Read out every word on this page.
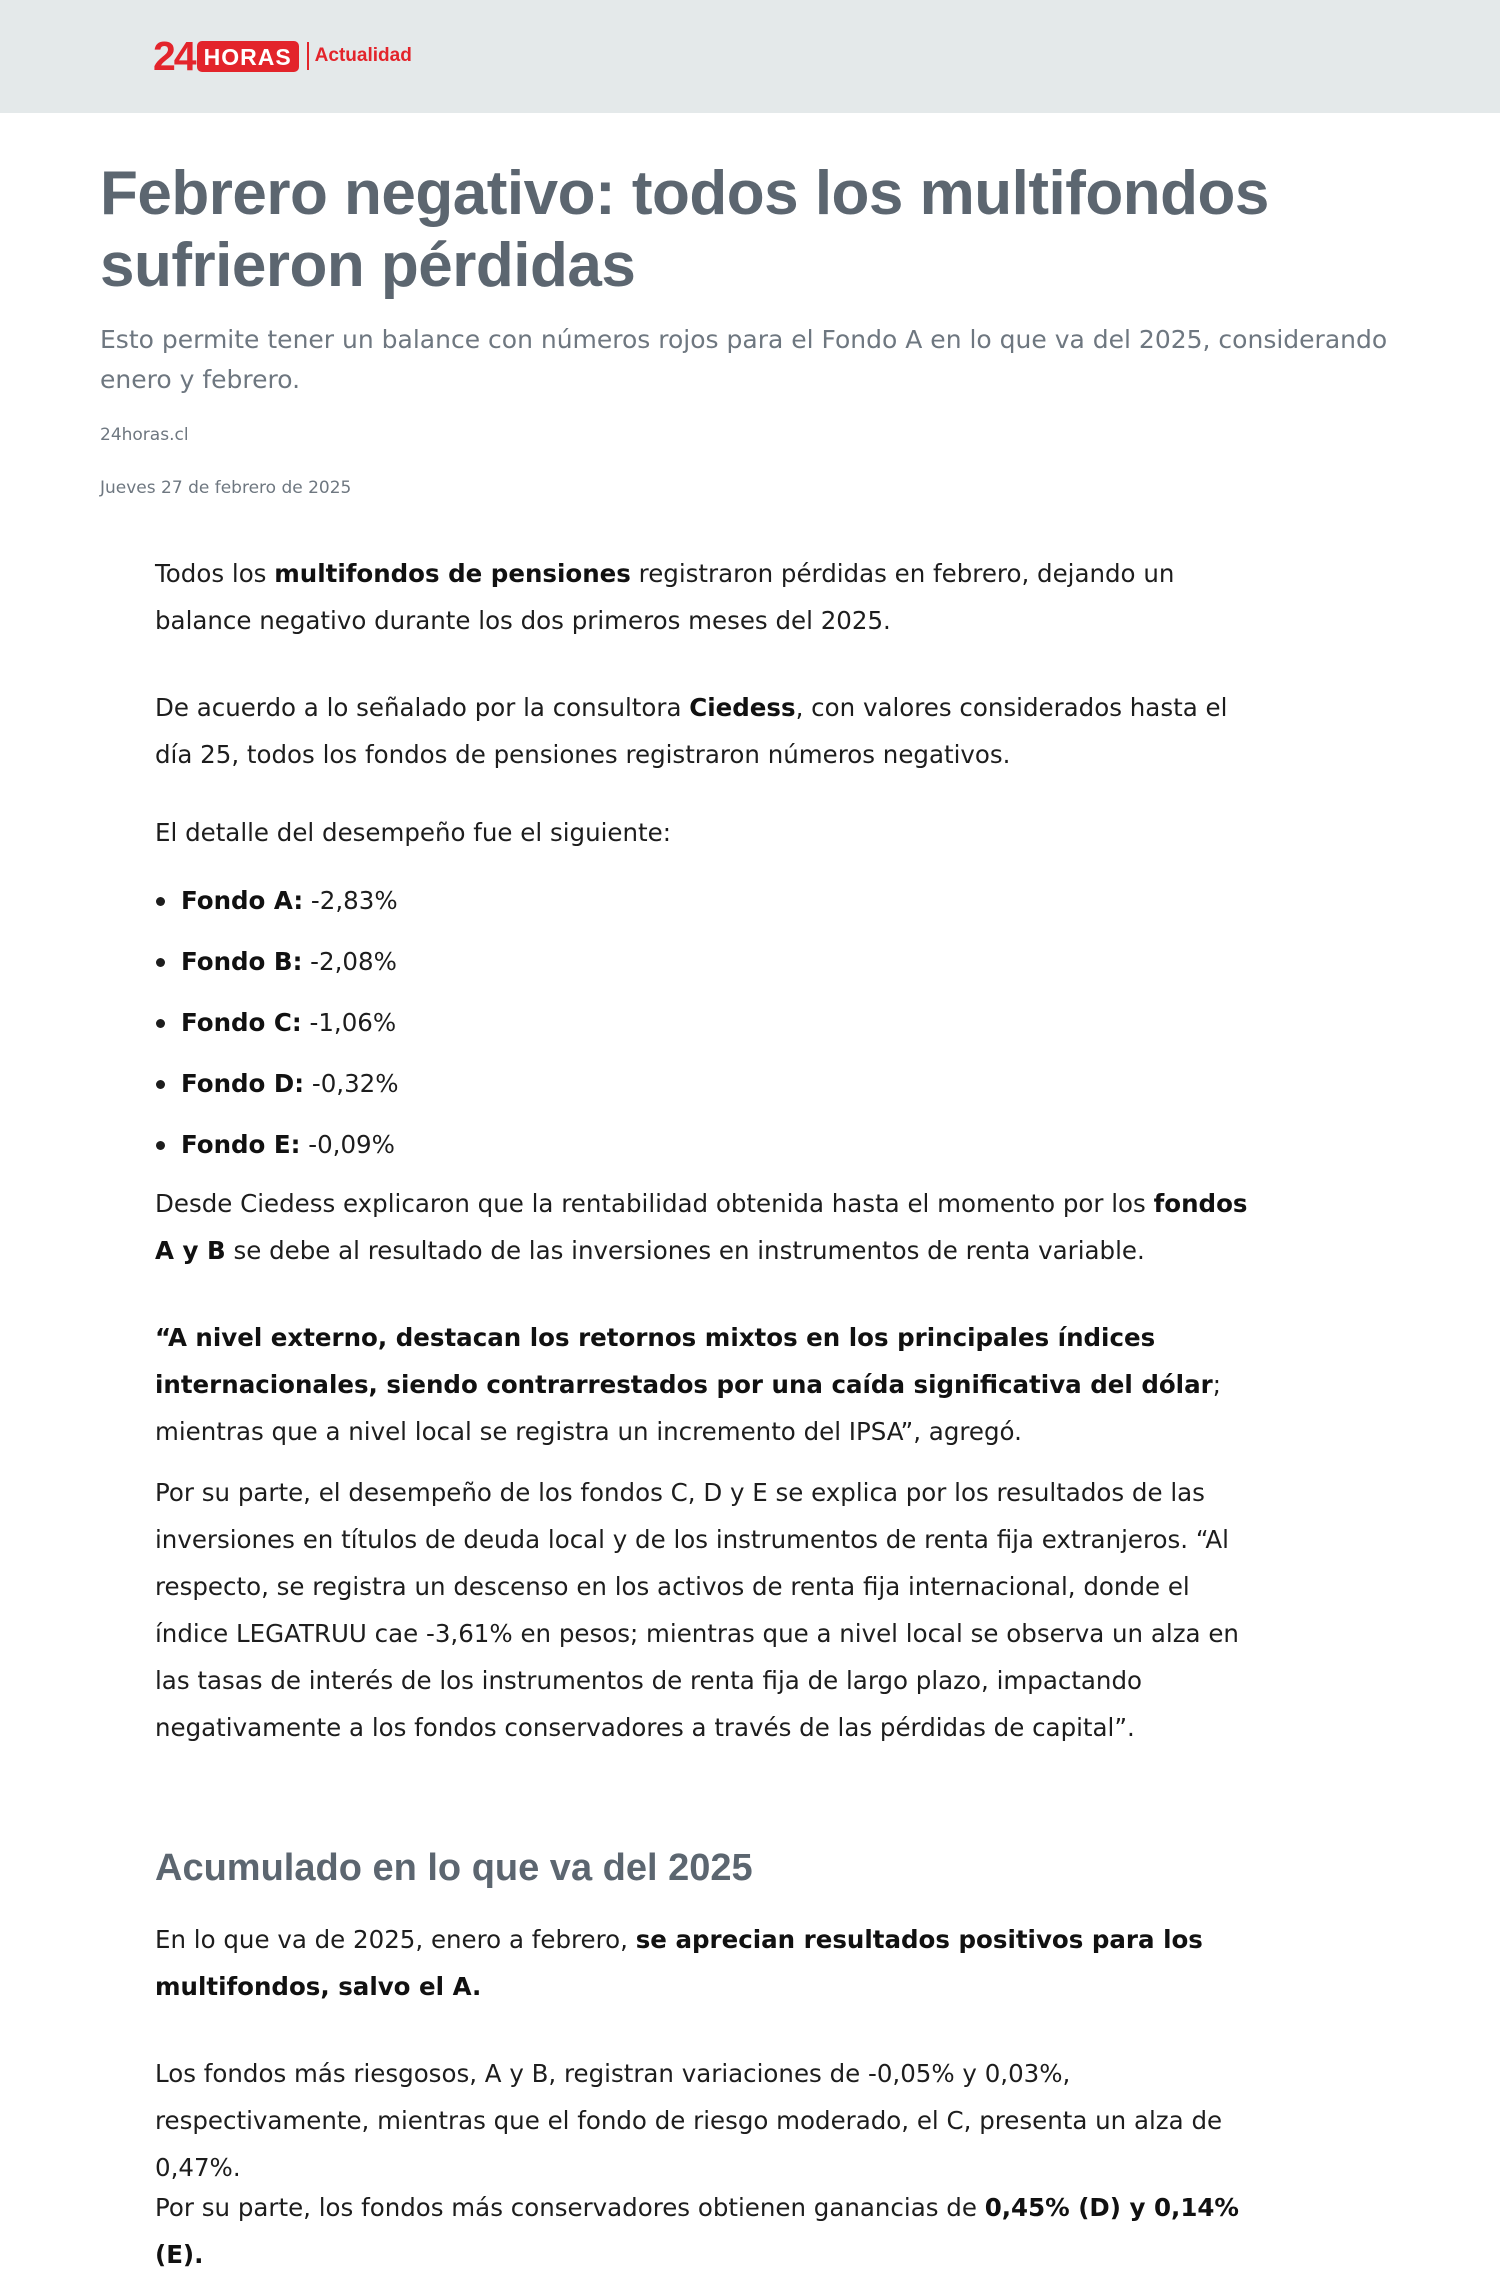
24 HORAS	Actualidad
Febrero negativo: todos los multifondos sufrieron pérdidas

Esto permite tener un balance con números rojos para el Fondo A en lo que va del 2025, considerando enero y febrero.

24horas.cl
Jueves 27 de febrero de 2025

Todos los multifondos de pensiones registraron pérdidas en febrero, dejando un balance negativo durante los dos primeros meses del 2025.

De acuerdo a lo señalado por la consultora Ciedess, con valores considerados hasta el día 25, todos los fondos de pensiones registraron números negativos.

El detalle del desempeño fue el siguiente:

Fondo A: -2,83%
Fondo B: -2,08%
Fondo C: -1,06%
Fondo D: -0,32%
Fondo E: -0,09%

Desde Ciedess explicaron que la rentabilidad obtenida hasta el momento por los fondos A y B se debe al resultado de las inversiones en instrumentos de renta variable.

“A nivel externo, destacan los retornos mixtos en los principales índices internacionales, siendo contrarrestados por una caída significativa del dólar; mientras que a nivel local se registra un incremento del IPSA”, agregó.

Por su parte, el desempeño de los fondos C, D y E se explica por los resultados de las inversiones en títulos de deuda local y de los instrumentos de renta fija extranjeros. “Al respecto, se registra un descenso en los activos de renta fija internacional, donde el índice LEGATRUU cae -3,61% en pesos; mientras que a nivel local se observa un alza en las tasas de interés de los instrumentos de renta fija de largo plazo, impactando negativamente a los fondos conservadores a través de las pérdidas de capital”.

Acumulado en lo que va del 2025

En lo que va de 2025, enero a febrero, se aprecian resultados positivos para los multifondos, salvo el A.

Los fondos más riesgosos, A y B, registran variaciones de -0,05% y 0,03%, respectivamente, mientras que el fondo de riesgo moderado, el C, presenta un alza de 0,47%.

Por su parte, los fondos más conservadores obtienen ganancias de 0,45% (D) y 0,14% (E).
